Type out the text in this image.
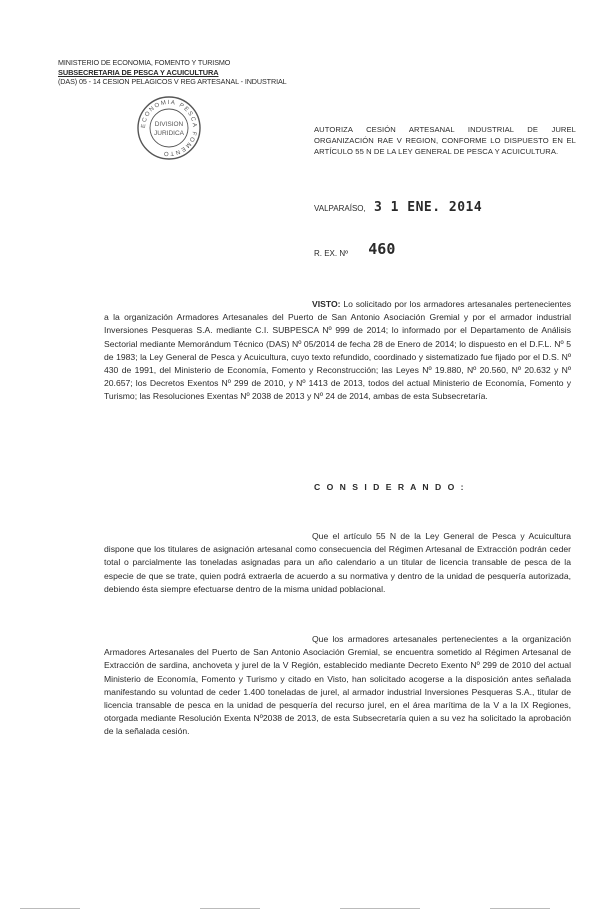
MINISTERIO DE ECONOMIA, FOMENTO Y TURISMO
SUBSECRETARIA DE PESCA Y ACUICULTURA
(DAS) 05 - 14 CESION PELAGICOS V REG ARTESANAL - INDUSTRIAL
ECONOMIA PESCA FOMENTO
DIVISION
JURIDICA	AUTORIZA CESIÓN ARTESANAL INDUSTRIAL DE JUREL ORGANIZACIÓN RAE V REGION, CONFORME LO DISPUESTO EN EL ARTÍCULO 55 N DE LA LEY GENERAL DE PESCA Y ACUICULTURA.
VALPARAÍSO, 3 1 ENE. 2014
R. EX. Nº 460
VISTO: Lo solicitado por los armadores artesanales pertenecientes a la organización Armadores Artesanales del Puerto de San Antonio Asociación Gremial y por el armador industrial Inversiones Pesqueras S.A. mediante C.I. SUBPESCA Nº 999 de 2014; lo informado por el Departamento de Análisis Sectorial mediante Memorándum Técnico (DAS) Nº 05/2014 de fecha 28 de Enero de 2014; lo dispuesto en el D.F.L. Nº 5 de 1983; la Ley General de Pesca y Acuicultura, cuyo texto refundido, coordinado y sistematizado fue fijado por el D.S. Nº 430 de 1991, del Ministerio de Economía, Fomento y Reconstrucción; las Leyes Nº 19.880, Nº 20.560, Nº 20.632 y Nº 20.657; los Decretos Exentos Nº 299 de 2010, y Nº 1413 de 2013, todos del actual Ministerio de Economía, Fomento y Turismo; las Resoluciones Exentas Nº 2038 de 2013 y Nº 24 de 2014, ambas de esta Subsecretaría.
C O N S I D E R A N D O :
Que el artículo 55 N de la Ley General de Pesca y Acuicultura dispone que los titulares de asignación artesanal como consecuencia del Régimen Artesanal de Extracción podrán ceder total o parcialmente las toneladas asignadas para un año calendario a un titular de licencia transable de pesca de la especie de que se trate, quien podrá extraerla de acuerdo a su normativa y dentro de la unidad de pesquería autorizada, debiendo ésta siempre efectuarse dentro de la misma unidad poblacional.
Que los armadores artesanales pertenecientes a la organización Armadores Artesanales del Puerto de San Antonio Asociación Gremial, se encuentra sometido al Régimen Artesanal de Extracción de sardina, anchoveta y jurel de la V Región, establecido mediante Decreto Exento Nº 299 de 2010 del actual Ministerio de Economía, Fomento y Turismo y citado en Visto, han solicitado acogerse a la disposición antes señalada manifestando su voluntad de ceder 1.400 toneladas de jurel, al armador industrial Inversiones Pesqueras S.A., titular de licencia transable de pesca en la unidad de pesquería del recurso jurel, en el área marítima de la V a la IX Regiones, otorgada mediante Resolución Exenta Nº2038 de 2013, de esta Subsecretaría quien a su vez ha solicitado la aprobación de la señalada cesión.
